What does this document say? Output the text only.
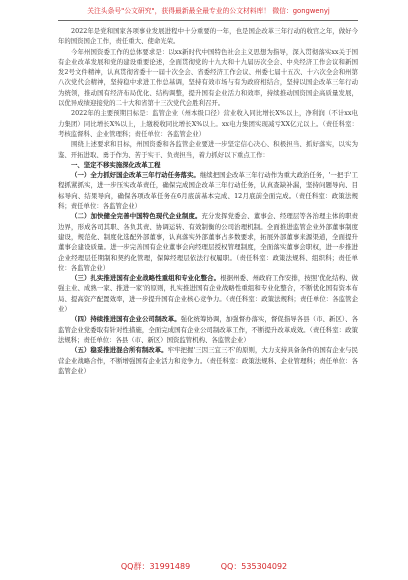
关注头条号"公文研究"，获得最新最全最专业的公文材料库！ 微信：gongwenyj

2022年是党和国家各项事业发展进程中十分重要的一年，也是国企改革三年行动的收官之年，做好今年的国资国企工作，责任重大、使命光荣。

今年州国资委工作的总体要求是：以xx新时代中国特色社会主义思想为指导，深入贯彻落实xx关于国有企业改革发展和党的建设重要论述，全面贯彻党的十九大和十九届历次全会、中央经济工作会议和新国发2号文件精神，认真贯彻省委十一届十次全会、省委经济工作会议、州委七届十五次、十六次全会和州第八次党代会精神，坚持稳中求进工作总基调，坚持有效市场与有为政府相结合，坚持以国企改革三年行动为统领，推动国有经济布局优化、结构调整，提升国有企业活力和效率，持续推动国资国企高质量发展，以优异成绩迎接党的二十大和省第十三次党代会胜利召开。

2022年的主要预期目标是：监管企业（州本级口径）营业收入同比增长X%以上，净利润（不计xx电力集团）同比增长X%以上，上缴税收同比增长X%以上。xx电力集团实现减亏XX亿元以上。（责任科室：考核监督科、企业管理科；责任单位：各监管企业）

围绕上述要求和目标，州国资委和各监管企业要进一步坚定信心决心、积极担当、抓好落实，以实为鉴、开拓进取、勇于作为、苦于实干、负责担当，着力抓好以下重点工作：

一、坚定不移实施深化改革工程

（一）全力抓好国企改革三年行动任务落实。继续把国企改革三年行动作为重大政治任务，'一把手'工程抓紧抓实，进一步压实改革责任，确保完成国企改革三年行动任务，认真查缺补漏，坚持问题导向、目标导向、结果导向，确保各项改革任务在6月底前基本完成、12月底前全面完成。（责任科室：政策法规科；责任单位：各监管企业）

（二）加快健全完善中国特色现代企业制度。充分发挥党委会、董事会、经理层等各治理主体的职责边界，形成各司其职、各负其责、协调运转、有效制衡的公司治理机制。全面推进监管企业外部董事制度建设，规范化、制度化选配外部董事，认真落实外部董事占多数要求，拓展外部董事来源渠道，全面提升董事会建设质量。进一步完善国有企业董事会向经理层授权管理制度，全面落实董事会职权，进一步推进企业经理层任期制和契约化管理，保障经理层依法行权履职。（责任科室：政策法规科、组织科；责任单位：各监管企业）

（三）扎实推进国有企业战略性重组和专业化整合。根据州委、州政府工作安排，按照'优化结构、做强主业、成熟一家、推进一家'的原则，扎实推进国有企业战略性重组和专业化整合，不断优化国有资本布局、提高资产配置效率，进一步提升国有企业核心竞争力。（责任科室：政策法规科；责任单位：各监管企业）

（四）持续推进国有企业公司制改革。强化统筹协调，加强督办落实，督促指导各县（市、新区）、各监管企业党委取有针对性措施，全面完成国有企业公司制改革工作，不断提升改革成效。（责任科室：政策法规科；责任单位：各县（市、新区）国资监管机构、各监管企业）

（五）稳妥推进混合所有制改革。牢牢把握'三因三宜三不'的原则，大力支持具备条件的国有企业与民营企业战略合作，不断增强国有企业活力和竞争力。（责任科室：政策法规科、企业管理科；责任单位：各监管企业）

QQ群：31991489	QQ：535304092
